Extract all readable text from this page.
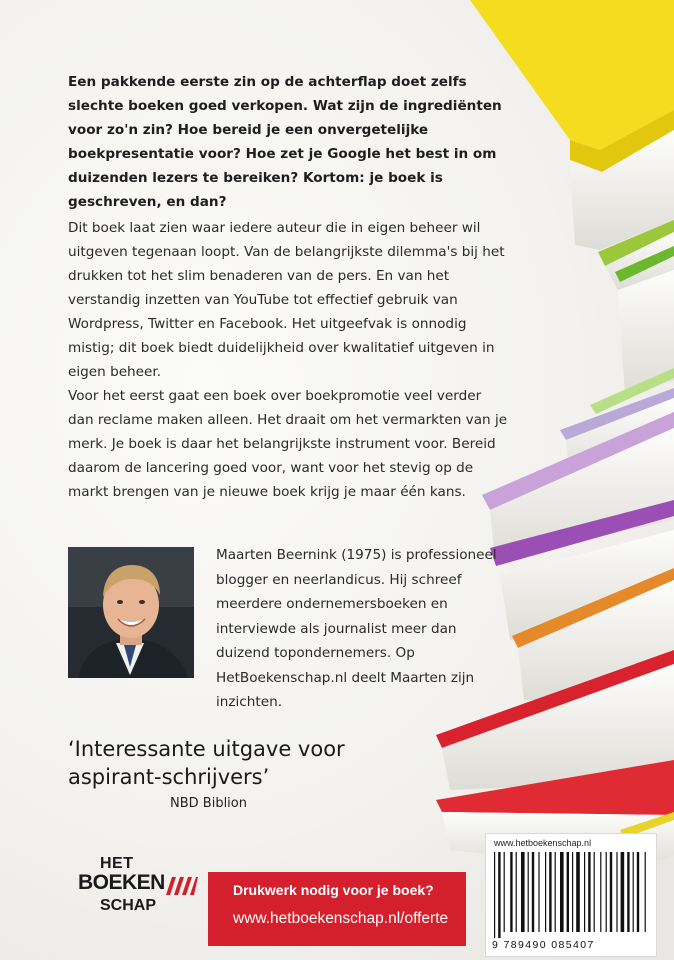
Een pakkende eerste zin op de achterflap doet zelfs slechte boeken goed verkopen. Wat zijn de ingrediënten voor zo'n zin? Hoe bereid je een onvergetelijke boekpresentatie voor? Hoe zet je Google het best in om duizenden lezers te bereiken? Kortom: je boek is geschreven, en dan?
Dit boek laat zien waar iedere auteur die in eigen beheer wil uitgeven tegenaan loopt. Van de belangrijkste dilemma's bij het drukken tot het slim benaderen van de pers. En van het verstandig inzetten van YouTube tot effectief gebruik van Wordpress, Twitter en Facebook. Het uitgeefvak is onnodig mistig; dit boek biedt duidelijkheid over kwalitatief uitgeven in eigen beheer.
Voor het eerst gaat een boek over boekpromotie veel verder dan reclame maken alleen. Het draait om het vermarkten van je merk. Je boek is daar het belangrijkste instrument voor. Bereid daarom de lancering goed voor, want voor het stevig op de markt brengen van je nieuwe boek krijg je maar één kans.
Maarten Beernink (1975) is professioneel blogger en neerlandicus. Hij schreef meerdere ondernemersboeken en interviewde als journalist meer dan duizend topondernemers. Op HetBoekenschap.nl deelt Maarten zijn inzichten.
‘Interessante uitgave voor aspirant-schrijvers’
NBD Biblion
HET
BOEKEN
SCHAP
Drukwerk nodig voor je boek?
www.hetboekenschap.nl/offerte
www.hetboekenschap.nl
9 789490 085407
